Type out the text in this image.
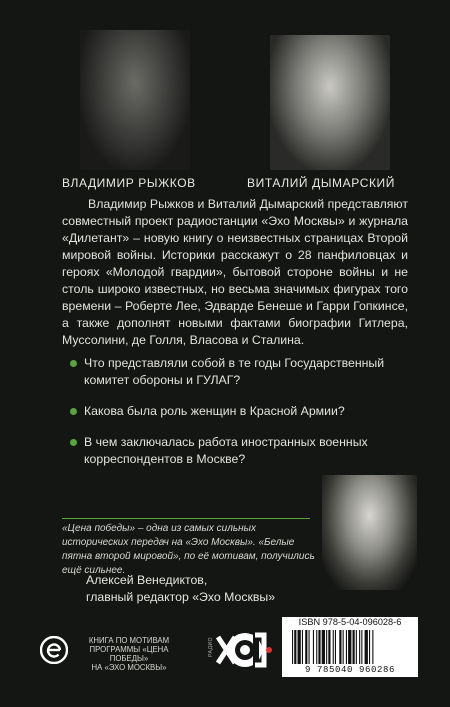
ВЛАДИМИР РЫЖКОВ	ВИТАЛИЙ ДЫМАРСКИЙ
Владимир Рыжков и Виталий Дымарский представляют совместный проект радиостанции «Эхо Москвы» и журнала «Дилетант» – новую книгу о неизвестных страницах Второй мировой войны. Историки расскажут о 28 панфиловцах и героях «Молодой гвардии», бытовой стороне войны и не столь широко известных, но весьма значимых фигурах того времени – Роберте Лее, Эдварде Бенеше и Гарри Гопкинсе, а также дополнят новыми фактами биографии Гитлера, Муссолини, де Голля, Власова и Сталина.
Что представляли собой в те годы Государственный комитет обороны и ГУЛАГ?
Какова была роль женщин в Красной Армии?
В чем заключалась работа иностранных военных корреспондентов в Москве?
«Цена победы» – одна из самых сильных исторических передач на «Эхо Москвы». «Белые пятна второй мировой», по её мотивам, получились ещё сильнее.
Алексей Венедиктов,
главный редактор «Эхо Москвы»
КНИГА ПО МОТИВАМ
ПРОГРАММЫ «ЦЕНА ПОБЕДЫ»
НА «ЭХО МОСКВЫ»
РАДИО
ISBN 978-5-04-096028-6
9 785040 960286
